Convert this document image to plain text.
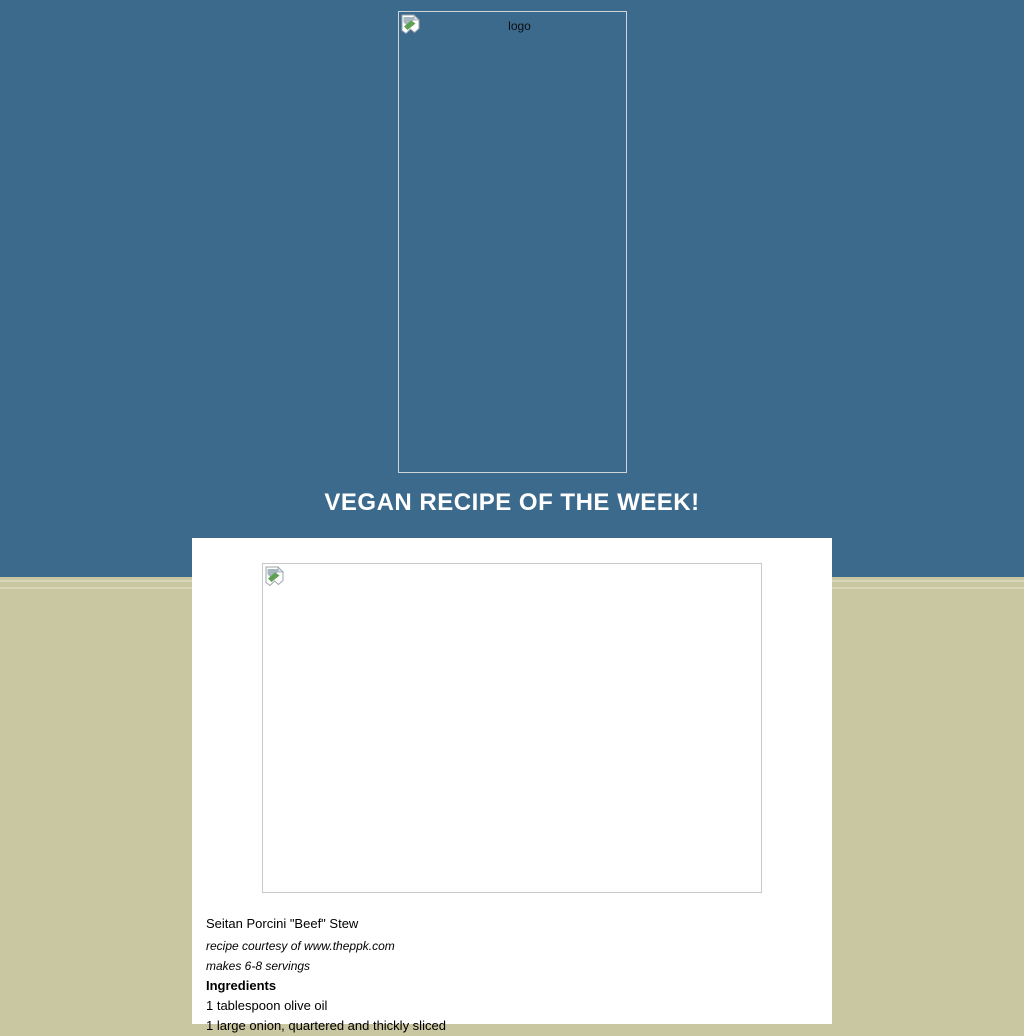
logo
VEGAN RECIPE OF THE WEEK!

Seitan Porcini "Beef" Stew

recipe courtesy of www.theppk.com

makes 6-8 servings

Ingredients

1 tablespoon olive oil

1 large onion, quartered and thickly sliced
